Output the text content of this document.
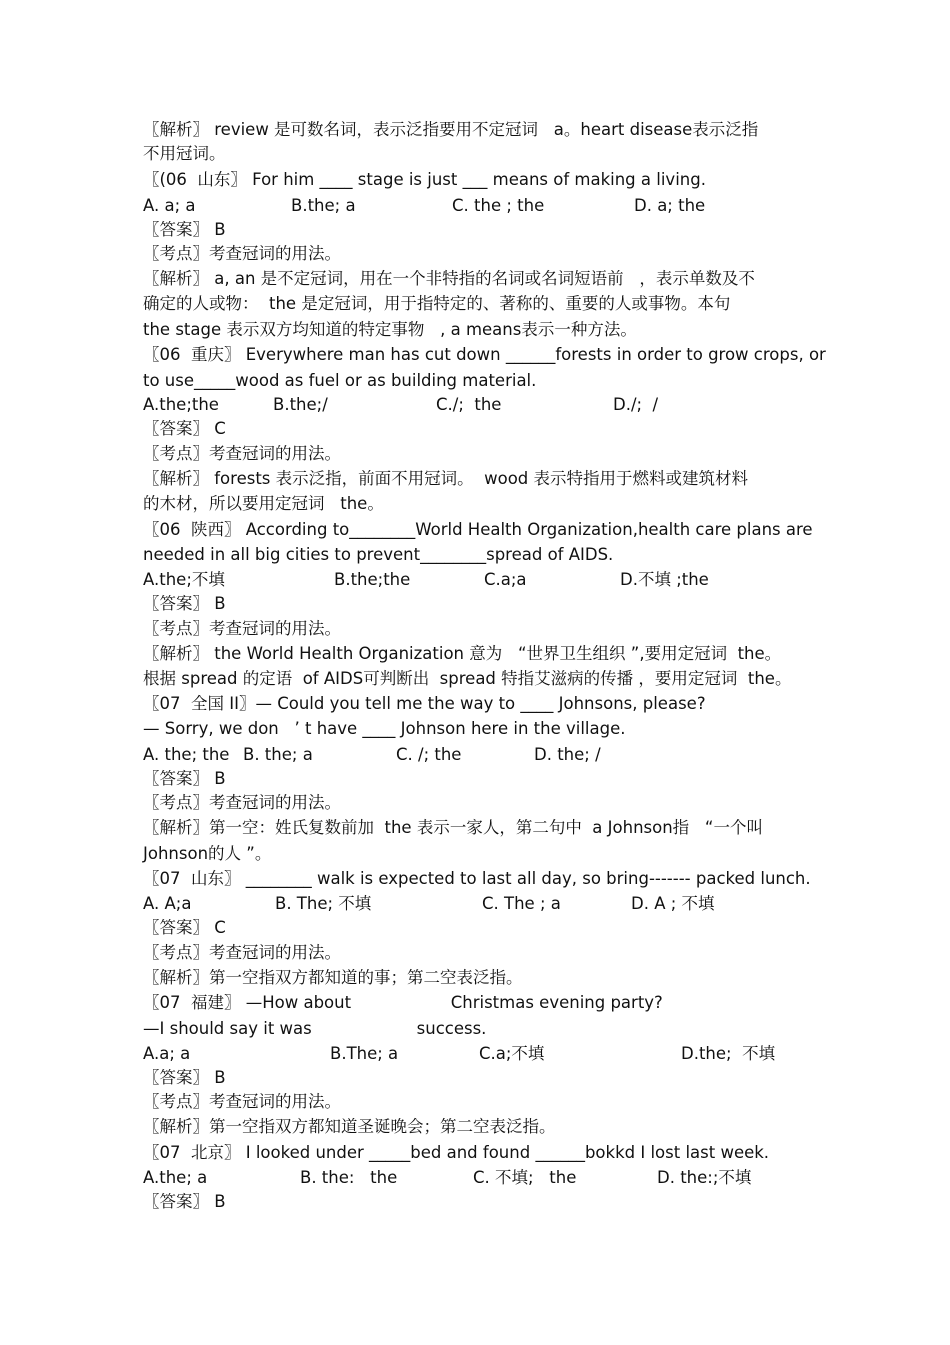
〖解析〗 review 是可数名词，表示泛指要用不定冠词   a。heart disease表示泛指
不用冠词。
〖(06  山东〗 For him ____ stage is just ___ means of making a living.
A. a; a	B.the; a	C. the ; the	D. a; the
〖答案〗 B
〖考点〗考查冠词的用法。
〖解析〗 a, an 是不定冠词，用在一个非特指的名词或名词短语前   ，表示单数及不
确定的人或物：  the 是定冠词，用于指特定的、著称的、重要的人或事物。本句
the stage 表示双方均知道的特定事物   , a means表示一种方法。
〖06  重庆〗 Everywhere man has cut down ______forests in order to grow crops, or
to use_____wood as fuel or as building material.
A.the;the	B.the;/	C./;  the	D./;  /
〖答案〗 C
〖考点〗考查冠词的用法。
〖解析〗 forests 表示泛指，前面不用冠词。  wood 表示特指用于燃料或建筑材料
的木材，所以要用定冠词   the。
〖06  陕西〗 According to________World Health Organization,health care plans are
needed in all big cities to prevent________spread of AIDS.
A.the;不填	B.the;the	C.a;a	D.不填 ;the
〖答案〗 B
〖考点〗考查冠词的用法。
〖解析〗 the World Health Organization 意为   “世界卫生组织 ”,要用定冠词  the。
根据 spread 的定语  of AIDS可判断出  spread 特指艾滋病的传播 ，要用定冠词  the。
〖07  全国 II〗— Could you tell me the way to ____ Johnsons, please?
— Sorry, we don   ’ t have ____ Johnson here in the village.
A. the; the B. the; a	C. /; the	D. the; /
〖答案〗 B
〖考点〗考查冠词的用法。
〖解析〗第一空：姓氏复数前加  the 表示一家人，第二句中  a Johnson指   “一个叫
Johnson的人 ”。
〖07  山东〗 ________ walk is expected to last all day, so bring------- packed lunch.
A. A;a	B. The; 不填	C. The ; a	D. A ; 不填
〖答案〗 C
〖考点〗考查冠词的用法。
〖解析〗第一空指双方都知道的事；第二空表泛指。
〖07  福建〗 —How about                   Christmas evening party?
—I should say it was                    success.
A.a; a	B.The; a	C.a;不填	D.the;  不填
〖答案〗 B
〖考点〗考查冠词的用法。
〖解析〗第一空指双方都知道圣诞晚会；第二空表泛指。
〖07  北京〗 I looked under _____bed and found ______bokkd I lost last week.
A.the; a	B. the:   the	C. 不填;   the	D. the:;不填
〖答案〗 B
